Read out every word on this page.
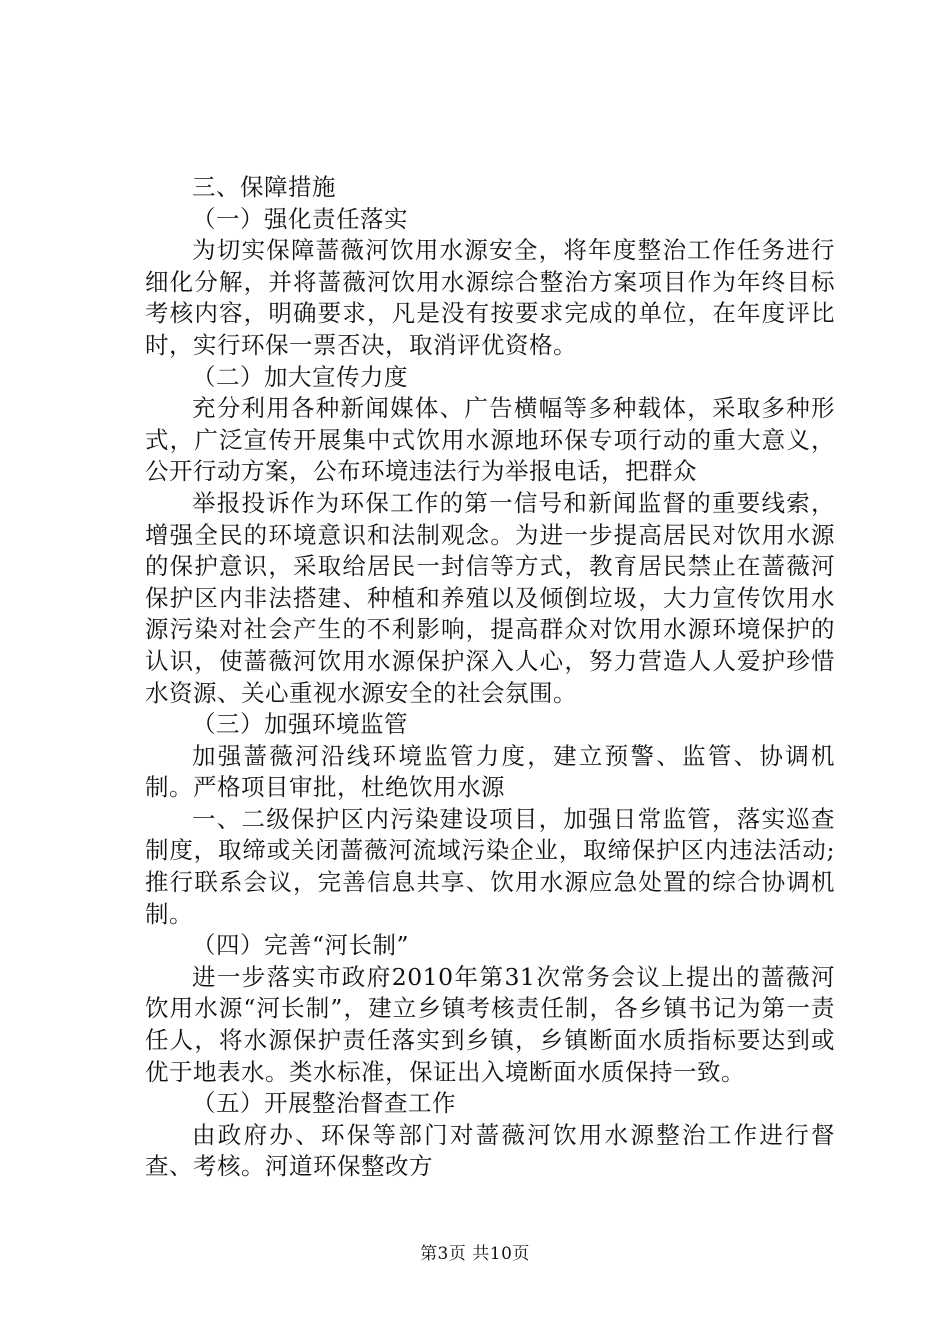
三、保障措施

（一）强化责任落实

为切实保障蔷薇河饮用水源安全，将年度整治工作任务进行细化分解，并将蔷薇河饮用水源综合整治方案项目作为年终目标考核内容，明确要求，凡是没有按要求完成的单位，在年度评比时，实行环保一票否决，取消评优资格。

（二）加大宣传力度

充分利用各种新闻媒体、广告横幅等多种载体，采取多种形式，广泛宣传开展集中式饮用水源地环保专项行动的重大意义，公开行动方案，公布环境违法行为举报电话，把群众

举报投诉作为环保工作的第一信号和新闻监督的重要线索，增强全民的环境意识和法制观念。为进一步提高居民对饮用水源的保护意识，采取给居民一封信等方式，教育居民禁止在蔷薇河保护区内非法搭建、种植和养殖以及倾倒垃圾，大力宣传饮用水源污染对社会产生的不利影响，提高群众对饮用水源环境保护的认识，使蔷薇河饮用水源保护深入人心，努力营造人人爱护珍惜水资源、关心重视水源安全的社会氛围。

（三）加强环境监管

加强蔷薇河沿线环境监管力度，建立预警、监管、协调机制。严格项目审批，杜绝饮用水源

一、二级保护区内污染建设项目，加强日常监管，落实巡查制度，取缔或关闭蔷薇河流域污染企业，取缔保护区内违法活动;推行联系会议，完善信息共享、饮用水源应急处置的综合协调机制。

（四）完善“河长制”

进一步落实市政府2010年第31次常务会议上提出的蔷薇河饮用水源“河长制”，建立乡镇考核责任制，各乡镇书记为第一责任人，将水源保护责任落实到乡镇，乡镇断面水质指标要达到或优于地表水。类水标准，保证出入境断面水质保持一致。

（五）开展整治督查工作

由政府办、环保等部门对蔷薇河饮用水源整治工作进行督查、考核。河道环保整改方

第3页 共10页
